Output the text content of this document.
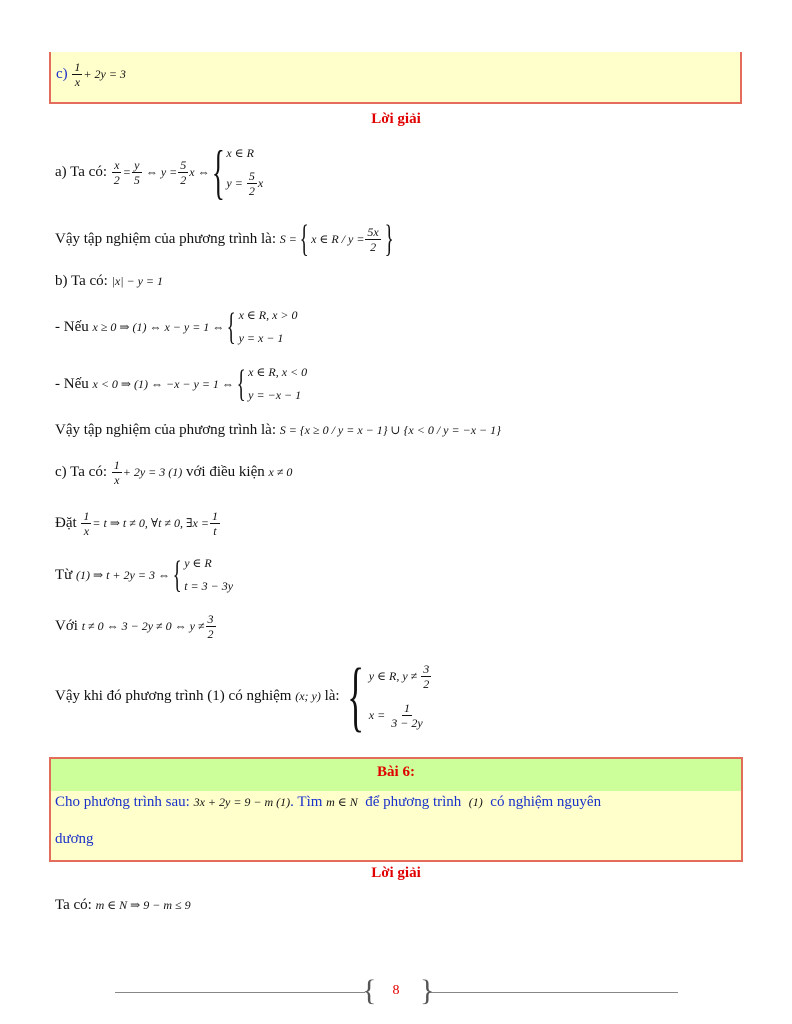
c)
$\frac{1}{x} + 2y = 3$
Lời giải
a) Ta có:
$\frac{x}{2} = \frac{y}{5}$ ⇔ $y = \frac{5}{2}$ x ⇔ { x ∈ R
$y = \frac{5}{2}$ x
Vậy tập nghiệm của phương trình là:
S = { x ∈ $R / y = \frac{5x}{2}$ }
b) Ta có:
|x| − y = 1
- Nếu
x ≥ 0 ⇒ (1) ⇔ x − y = 1 ⇔ { x ∈ R, x > 0
y = x − 1
- Nếu
x < 0 ⇒ (1) ⇔ −x − y = 1 ⇔ { x ∈ R, x < 0
y = −x − 1
Vậy tập nghiệm của phương trình là:
S = {x ≥ 0 / y = x − 1} ∪ {x < 0 / y = −x − 1}
c) Ta có:
$\frac{1}{x} + 2y = 3$ (1)
với điều kiện
x ≠ 0
Đặt
$\frac{1}{x} = t$ ⇒ t ≠ 0, ∀t ≠ 0, ∃x = $\frac{1}{t}$
Từ
(1) ⇒ t + 2y = 3 ⇔ { y ∈ R
t = 3 − 3y
Với
t ≠ 0 ⇔ 3 − 2y ≠ 0 ⇔ $y \ne \frac{3}{2}$
Vậy khi đó phương trình (1) có nghiệm
(x; y)
là:
{ y ∈ R, $y \ne \frac{3}{2}$
$x = \frac{1}{3 - 2y}$
Bài 6:
Cho phương trình sau:
3x + 2y = 9 − m (1) . Tìm
m ∈ N
để phương trình
(1)
có nghiệm nguyên
dương
Lời giải
Ta có:
m ∈ N ⇒ 9 − m ≤ 9
{ }
8
